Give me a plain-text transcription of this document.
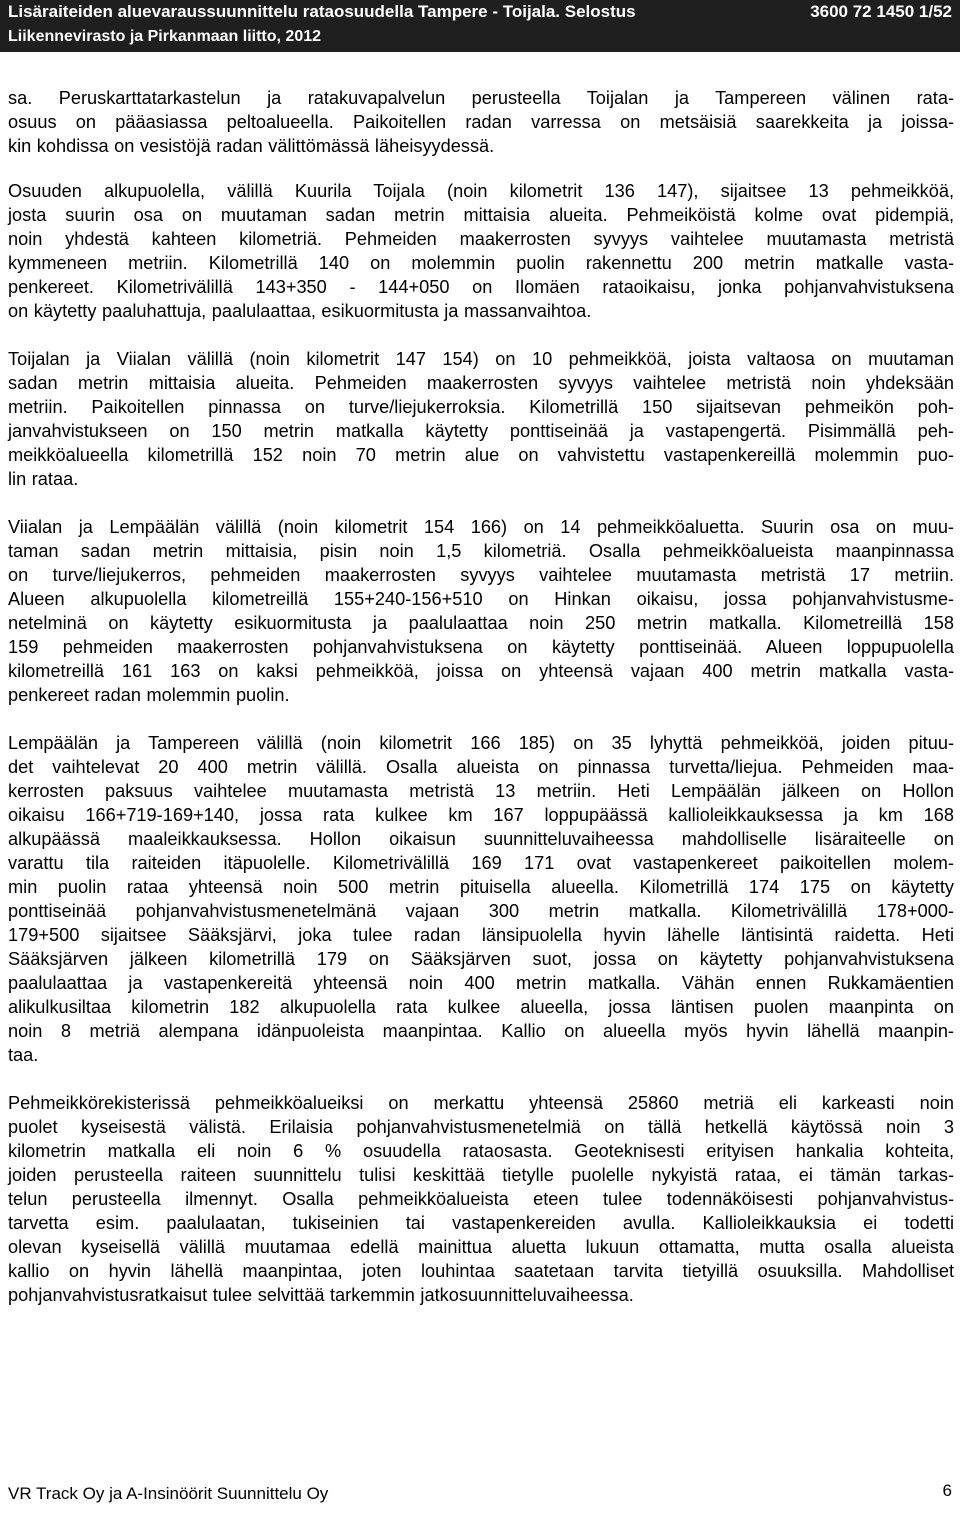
Lisäraiteiden aluevaraussuunnittelu rataosuudella Tampere - Toijala. Selostus	3600 72 1450 1/52
Liikennevirasto ja Pirkanmaan liitto, 2012
sa. Peruskarttatarkastelun ja ratakuvapalvelun perusteella Toijalan ja Tampereen välinen rata-
osuus on pääasiassa peltoalueella. Paikoitellen radan varressa on metsäisiä saarekkeita ja joissa-
kin kohdissa on vesistöjä radan välittömässä läheisyydessä.
Osuuden alkupuolella, välillä Kuurila Toijala (noin kilometrit 136 147), sijaitsee 13 pehmeikköä,
josta suurin osa on muutaman sadan metrin mittaisia alueita. Pehmeiköistä kolme ovat pidempiä,
noin yhdestä kahteen kilometriä. Pehmeiden maakerrosten syvyys vaihtelee muutamasta metristä
kymmeneen metriin. Kilometrillä 140 on molemmin puolin rakennettu 200 metrin matkalle vasta-
penkereet. Kilometrivälillä 143+350 - 144+050 on Ilomäen rataoikaisu, jonka pohjanvahvistuksena
on käytetty paaluhattuja, paalulaattaa, esikuormitusta ja massanvaihtoa.
Toijalan ja Viialan välillä (noin kilometrit 147 154) on 10 pehmeikköä, joista valtaosa on muutaman
sadan metrin mittaisia alueita. Pehmeiden maakerrosten syvyys vaihtelee metristä noin yhdeksään
metriin. Paikoitellen pinnassa on turve/liejukerroksia. Kilometrillä 150 sijaitsevan pehmeikön poh-
janvahvistukseen on 150 metrin matkalla käytetty ponttiseinää ja vastapengertä. Pisimmällä peh-
meikköalueella kilometrillä 152 noin 70 metrin alue on vahvistettu vastapenkereillä molemmin puo-
lin rataa.
Viialan ja Lempäälän välillä (noin kilometrit 154 166) on 14 pehmeikköaluetta. Suurin osa on muu-
taman sadan metrin mittaisia, pisin noin 1,5 kilometriä. Osalla pehmeikköalueista maanpinnassa
on turve/liejukerros, pehmeiden maakerrosten syvyys vaihtelee muutamasta metristä 17 metriin.
Alueen alkupuolella kilometreillä 155+240-156+510 on Hinkan oikaisu, jossa pohjanvahvistusme-
netelminä on käytetty esikuormitusta ja paalulaattaa noin 250 metrin matkalla. Kilometreillä 158
159 pehmeiden maakerrosten pohjanvahvistuksena on käytetty ponttiseinää. Alueen loppupuolella
kilometreillä 161 163 on kaksi pehmeikköä, joissa on yhteensä vajaan 400 metrin matkalla vasta-
penkereet radan molemmin puolin.
Lempäälän ja Tampereen välillä (noin kilometrit 166 185) on 35 lyhyttä pehmeikköä, joiden pituu-
det vaihtelevat 20 400 metrin välillä. Osalla alueista on pinnassa turvetta/liejua. Pehmeiden maa-
kerrosten paksuus vaihtelee muutamasta metristä 13 metriin. Heti Lempäälän jälkeen on Hollon
oikaisu 166+719-169+140, jossa rata kulkee km 167 loppupäässä kallioleikkauksessa ja km 168
alkupäässä maaleikkauksessa. Hollon oikaisun suunnitteluvaiheessa mahdolliselle lisäraiteelle on
varattu tila raiteiden itäpuolelle. Kilometrivälillä 169 171 ovat vastapenkereet paikoitellen molem-
min puolin rataa yhteensä noin 500 metrin pituisella alueella. Kilometrillä 174 175 on käytetty
ponttiseinää pohjanvahvistusmenetelmänä vajaan 300 metrin matkalla. Kilometrivälillä 178+000-
179+500 sijaitsee Sääksjärvi, joka tulee radan länsipuolella hyvin lähelle läntisintä raidetta. Heti
Sääksjärven jälkeen kilometrillä 179 on Sääksjärven suot, jossa on käytetty pohjanvahvistuksena
paalulaattaa ja vastapenkereitä yhteensä noin 400 metrin matkalla. Vähän ennen Rukkamäentien
alikulkusiltaa kilometrin 182 alkupuolella rata kulkee alueella, jossa läntisen puolen maanpinta on
noin 8 metriä alempana idänpuoleista maanpintaa. Kallio on alueella myös hyvin lähellä maanpin-
taa.
Pehmeikkörekisterissä pehmeikköalueiksi on merkattu yhteensä 25860 metriä eli karkeasti noin
puolet kyseisestä välistä. Erilaisia pohjanvahvistusmenetelmiä on tällä hetkellä käytössä noin 3
kilometrin matkalla eli noin 6 % osuudella rataosasta. Geoteknisesti erityisen hankalia kohteita,
joiden perusteella raiteen suunnittelu tulisi keskittää tietylle puolelle nykyistä rataa, ei tämän tarkas-
telun perusteella ilmennyt. Osalla pehmeikköalueista eteen tulee todennäköisesti pohjanvahvistus-
tarvetta esim. paalulaatan, tukiseinien tai vastapenkereiden avulla. Kallioleikkauksia ei todetti
olevan kyseisellä välillä muutamaa edellä mainittua aluetta lukuun ottamatta, mutta osalla alueista
kallio on hyvin lähellä maanpintaa, joten louhintaa saatetaan tarvita tietyillä osuuksilla. Mahdolliset
pohjanvahvistusratkaisut tulee selvittää tarkemmin jatkosuunnitteluvaiheessa.
VR Track Oy ja A-Insinöörit Suunnittelu Oy	6
